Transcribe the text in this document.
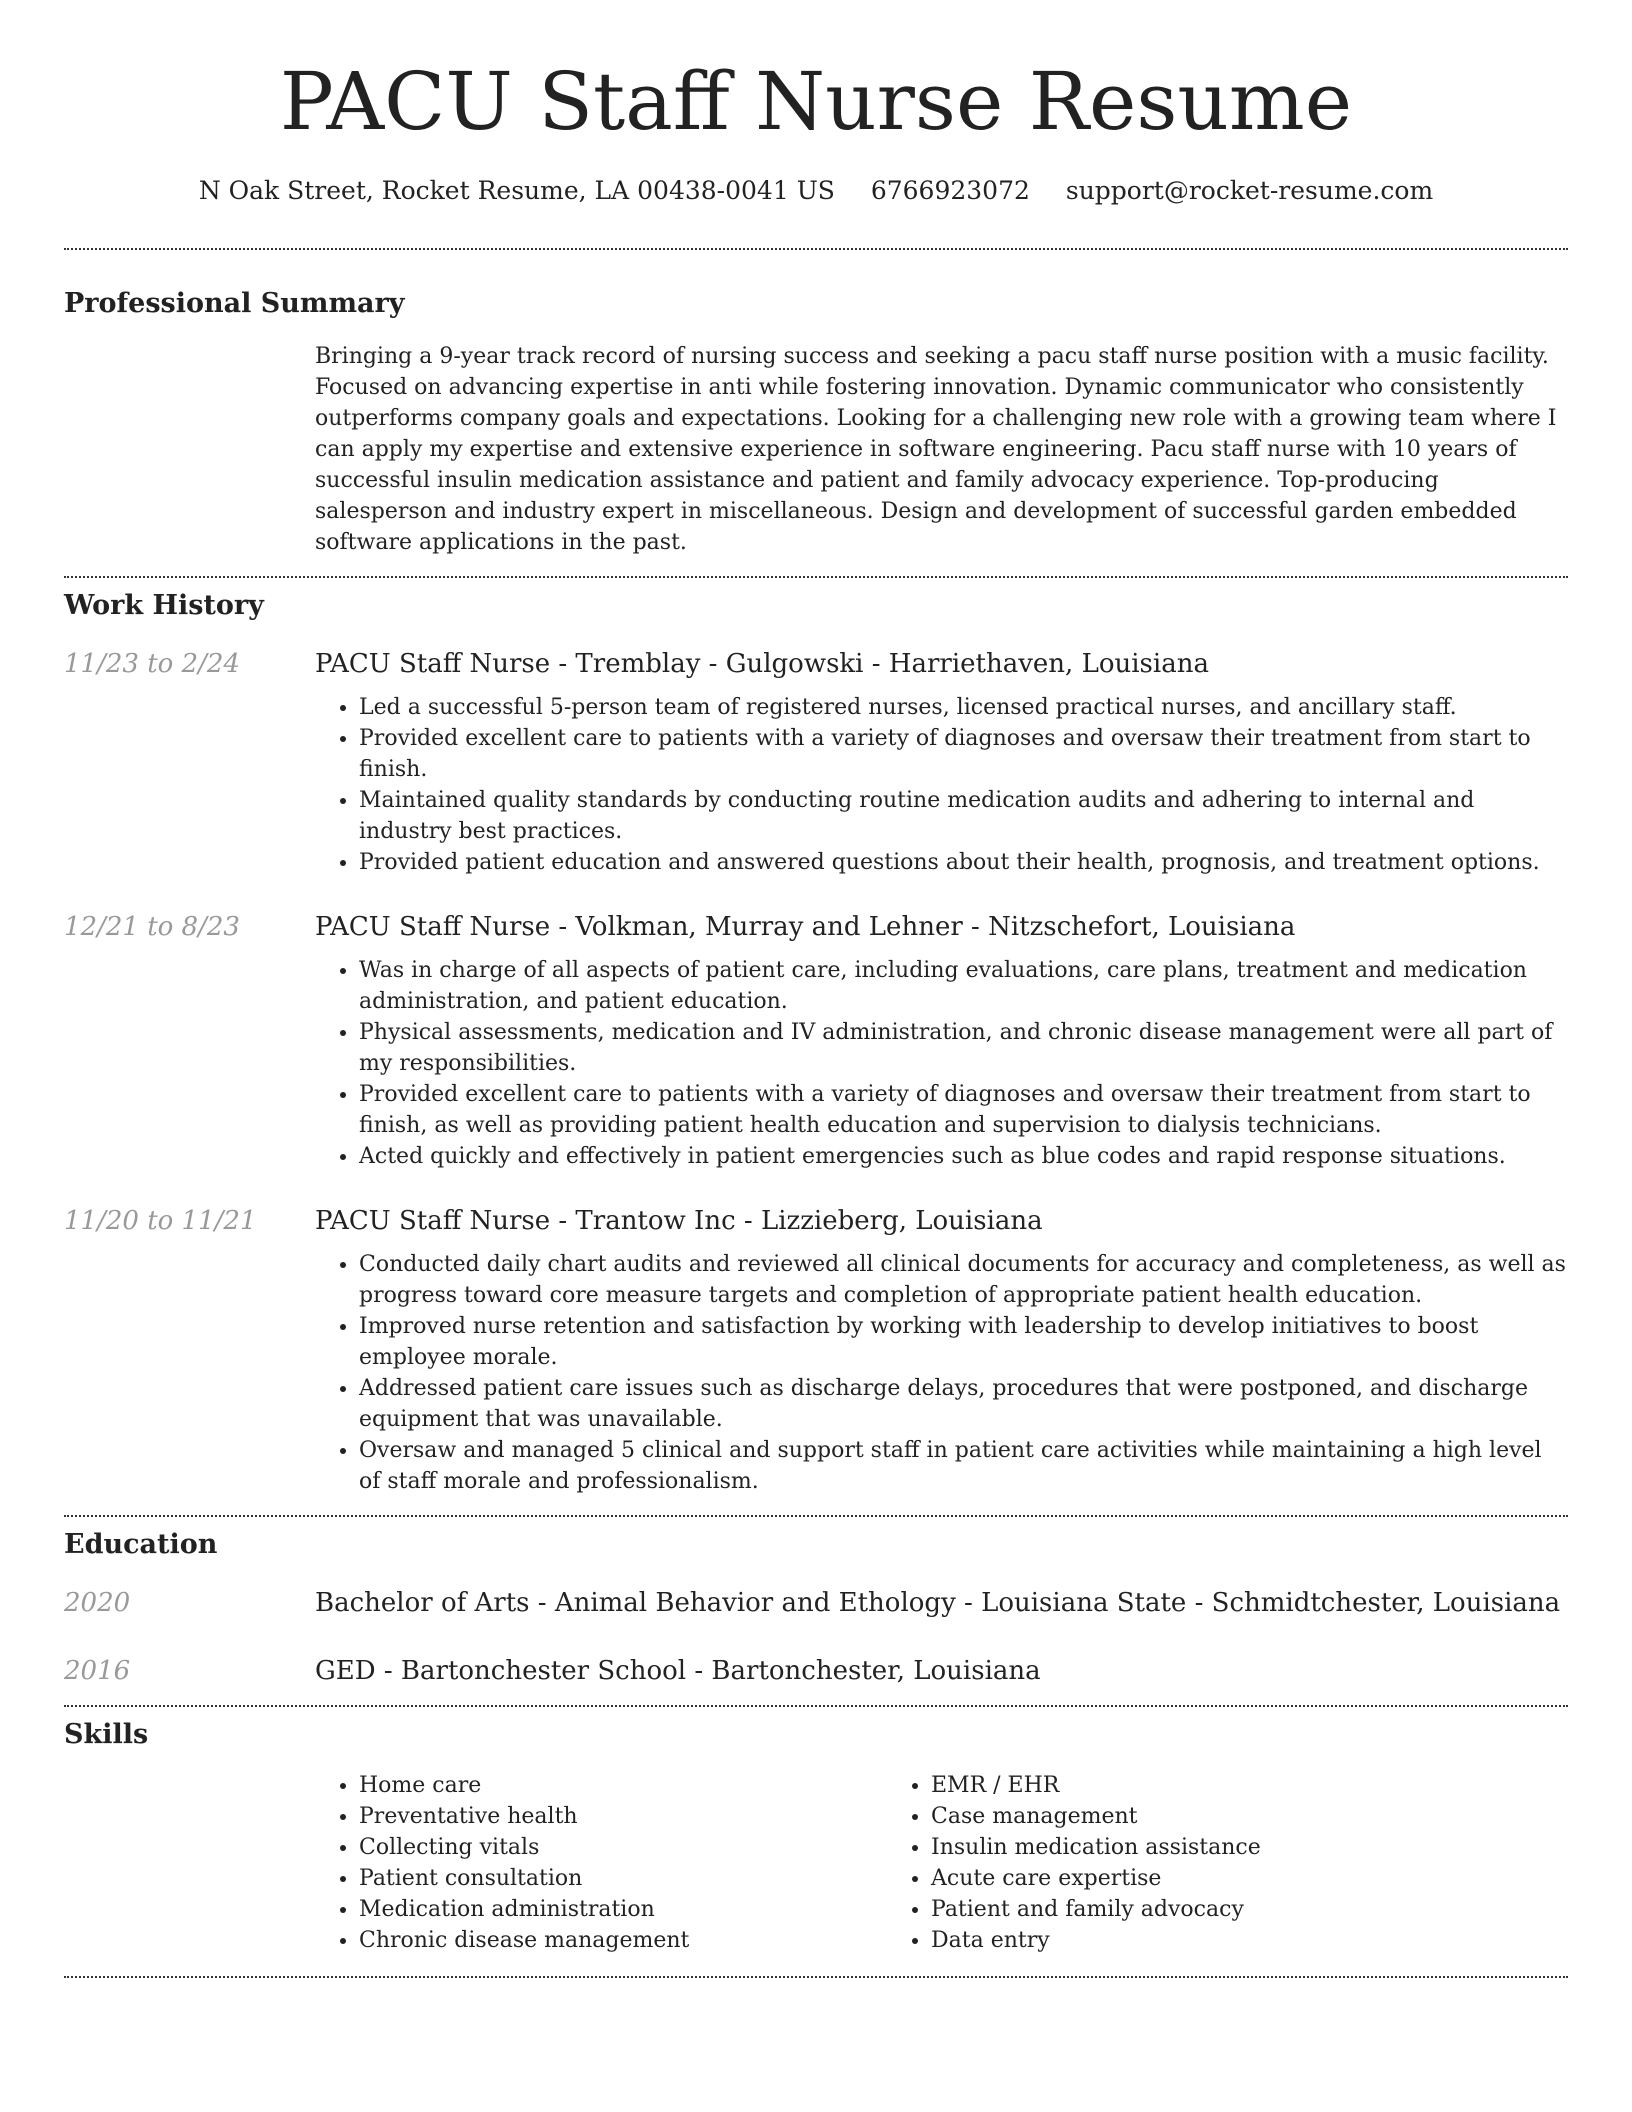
PACU Staff Nurse Resume
N Oak Street, Rocket Resume, LA 00438-0041 US 6766923072 support@rocket-resume.com
Professional Summary

Bringing a 9-year track record of nursing success and seeking a pacu staff nurse position with a music facility. Focused on advancing expertise in anti while fostering innovation. Dynamic communicator who consistently outperforms company goals and expectations. Looking for a challenging new role with a growing team where I can apply my expertise and extensive experience in software engineering. Pacu staff nurse with 10 years of successful insulin medication assistance and patient and family advocacy experience. Top-producing salesperson and industry expert in miscellaneous. Design and development of successful garden embedded software applications in the past.

Work History
11/23 to 2/24	PACU Staff Nurse - Tremblay - Gulgowski - Harriethaven, Louisiana
• Led a successful 5-person team of registered nurses, licensed practical nurses, and ancillary staff.
• Provided excellent care to patients with a variety of diagnoses and oversaw their treatment from start to finish.
• Maintained quality standards by conducting routine medication audits and adhering to internal and industry best practices.
• Provided patient education and answered questions about their health, prognosis, and treatment options.
12/21 to 8/23	PACU Staff Nurse - Volkman, Murray and Lehner - Nitzschefort, Louisiana
• Was in charge of all aspects of patient care, including evaluations, care plans, treatment and medication administration, and patient education.
• Physical assessments, medication and IV administration, and chronic disease management were all part of my responsibilities.
• Provided excellent care to patients with a variety of diagnoses and oversaw their treatment from start to finish, as well as providing patient health education and supervision to dialysis technicians.
• Acted quickly and effectively in patient emergencies such as blue codes and rapid response situations.
11/20 to 11/21	PACU Staff Nurse - Trantow Inc - Lizzieberg, Louisiana
• Conducted daily chart audits and reviewed all clinical documents for accuracy and completeness, as well as progress toward core measure targets and completion of appropriate patient health education.
• Improved nurse retention and satisfaction by working with leadership to develop initiatives to boost employee morale.
• Addressed patient care issues such as discharge delays, procedures that were postponed, and discharge equipment that was unavailable.
• Oversaw and managed 5 clinical and support staff in patient care activities while maintaining a high level of staff morale and professionalism.
Education
2020	Bachelor of Arts - Animal Behavior and Ethology - Louisiana State - Schmidtchester, Louisiana
2016	GED - Bartonchester School - Bartonchester, Louisiana
Skills
• Home care
• Preventative health
• Collecting vitals
• Patient consultation
• Medication administration
• Chronic disease management
• EMR / EHR
• Case management
• Insulin medication assistance
• Acute care expertise
• Patient and family advocacy
• Data entry
